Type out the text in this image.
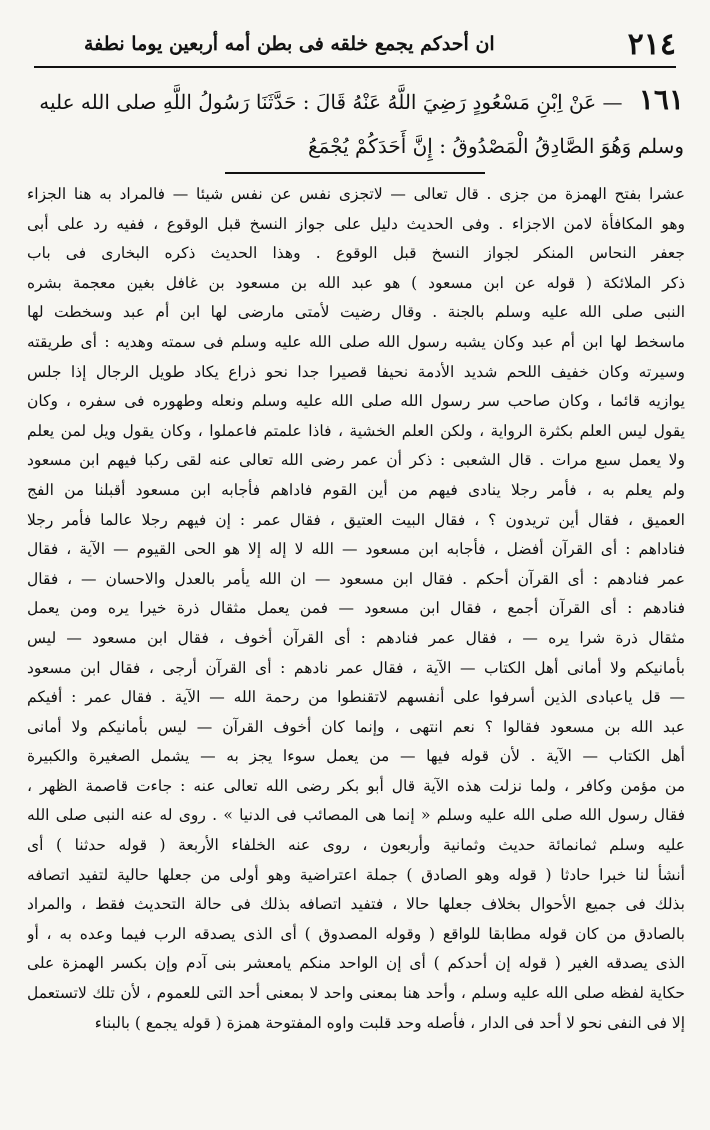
٢١٤
ان أحدكم يجمع خلقه فى بطن أمه أربعين يوما نطفة
١٦١ — عَنْ اِبْنِ مَسْعُودٍ رَضِيَ اللَّهُ عَنْهُ قَالَ : حَدَّثَنَا رَسُولُ اللَّهِ صلى الله عليه
وسلم وَهُوَ الصَّادِقُ الْمَصْدُوقُ : إِنَّ أَحَدَكُمْ يُجْمَعُ
عشرا بفتح الهمزة من جزى . قال تعالى — لاتجزى نفس عن نفس شيئا — فالمراد به هنا الجزاء
وهو المكافأة لامن الاجزاء . وفى الحديث دليل على جواز النسخ قبل الوقوع ، ففيه رد على أبى
جعفر النحاس المنكر لجواز النسخ قبل الوقوع . وهذا الحديث ذكره البخارى فى باب
ذكر الملائكة ( قوله عن ابن مسعود ) هو عبد الله بن مسعود بن غافل بغين معجمة بشره
النبى صلى الله عليه وسلم بالجنة . وقال رضيت لأمتى مارضى لها ابن أم عبد وسخطت لها
ماسخط لها ابن أم عبد وكان يشبه رسول الله صلى الله عليه وسلم فى سمته وهديه : أى طريقته
وسيرته وكان خفيف اللحم شديد الأدمة نحيفا قصيرا جدا نحو ذراع يكاد طويل الرجال إذا جلس
يوازيه قائما ، وكان صاحب سر رسول الله صلى الله عليه وسلم ونعله وطهوره فى سفره ، وكان
يقول ليس العلم بكثرة الرواية ، ولكن العلم الخشية ، فاذا علمتم فاعملوا ، وكان يقول ويل لمن يعلم
ولا يعمل سبع مرات . قال الشعبى : ذكر أن عمر رضى الله تعالى عنه لقى ركبا فيهم ابن مسعود
ولم يعلم به ، فأمر رجلا ينادى فيهم من أين القوم فاداهم فأجابه ابن مسعود أقبلنا من الفج
العميق ، فقال أين تريدون ؟ ، فقال البيت العتيق ، فقال عمر : إن فيهم رجلا عالما فأمر رجلا
فناداهم : أى القرآن أفضل ، فأجابه ابن مسعود — الله لا إله إلا هو الحى القيوم — الآية ، فقال
عمر فنادهم : أى القرآن أحكم . فقال ابن مسعود — ان الله يأمر بالعدل والاحسان — ، فقال
فنادهم : أى القرآن أجمع ، فقال ابن مسعود — فمن يعمل مثقال ذرة خيرا يره ومن يعمل
مثقال ذرة شرا يره — ، فقال عمر فنادهم : أى القرآن أخوف ، فقال ابن مسعود — ليس
بأمانيكم ولا أمانى أهل الكتاب — الآية ، فقال عمر نادهم : أى القرآن أرجى ، فقال ابن مسعود
— قل ياعبادى الذين أسرفوا على أنفسهم لاتقنطوا من رحمة الله — الآية . فقال عمر : أفيكم
عبد الله بن مسعود فقالوا ؟ نعم انتهى ، وإنما كان أخوف القرآن — ليس بأمانيكم ولا أمانى
أهل الكتاب — الآية . لأن قوله فيها — من يعمل سوءا يجز به — يشمل الصغيرة والكبيرة
من مؤمن وكافر ، ولما نزلت هذه الآية قال أبو بكر رضى الله تعالى عنه : جاءت قاصمة الظهر ،
فقال رسول الله صلى الله عليه وسلم « إنما هى المصائب فى الدنيا » . روى له عنه النبى صلى الله
عليه وسلم ثمانمائة حديث وثمانية وأربعون ، روى عنه الخلفاء الأربعة ( قوله حدثنا ) أى
أنشأ لنا خبرا حادثا ( قوله وهو الصادق ) جملة اعتراضية وهو أولى من جعلها حالية لتفيد اتصافه
بذلك فى جميع الأحوال بخلاف جعلها حالا ، فتفيد اتصافه بذلك فى حالة التحديث فقط ، والمراد
بالصادق من كان قوله مطابقا للواقع ( وقوله المصدوق ) أى الذى يصدقه الرب فيما وعده به ، أو
الذى يصدقه الغير ( قوله إن أحدكم ) أى إن الواحد منكم يامعشر بنى آدم وإن بكسر الهمزة على
حكاية لفظه صلى الله عليه وسلم ، وأحد هنا بمعنى واحد لا بمعنى أحد التى للعموم ، لأن تلك لاتستعمل
إلا فى النفى نحو لا أحد فى الدار ، فأصله وحد قلبت واوه المفتوحة همزة ( قوله يجمع ) بالبناء
